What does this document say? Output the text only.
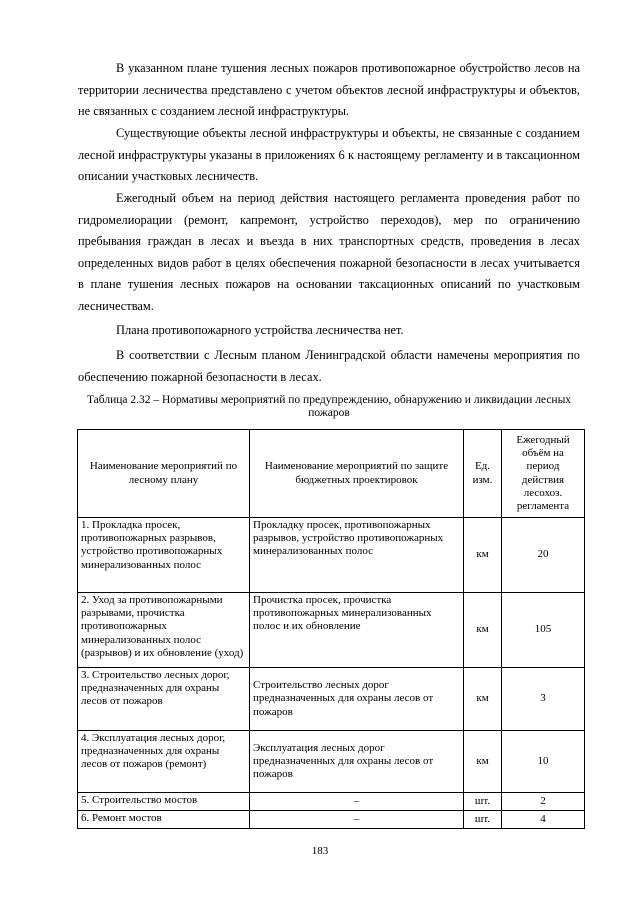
В указанном плане тушения лесных пожаров противопожарное обустройство лесов на территории лесничества представлено с учетом объектов лесной инфраструктуры и объектов, не связанных с созданием лесной инфраструктуры.

Существующие объекты лесной инфраструктуры и объекты, не связанные с созданием лесной инфраструктуры указаны в приложениях 6 к настоящему регламенту и в таксационном описании участковых лесничеств.

Ежегодный объем на период действия настоящего регламента проведения работ по гидромелиорации (ремонт, капремонт, устройство переходов), мер по ограничению пребывания граждан в лесах и въезда в них транспортных средств, проведения в лесах определенных видов работ в целях обеспечения пожарной безопасности в лесах учитывается в плане тушения лесных пожаров на основании таксационных описаний по участковым лесничествам.

Плана противопожарного устройства лесничества нет.

В соответствии с Лесным планом Ленинградской области намечены мероприятия по обеспечению пожарной безопасности в лесах.

Таблица 2.32 – Нормативы мероприятий по предупреждению, обнаружению и ликвидации лесных пожаров

Наименование мероприятий по лесному плану	Наименование мероприятий по защите бюджетных проектировок	Ед. изм.	Ежегодный объём на период действия лесохоз. регламента
1. Прокладка просек, противопожарных разрывов, устройство противопожарных минерализованных полос	Прокладку просек, противопожарных разрывов, устройство противопожарных минерализованных полос	км	20
2. Уход за противопожарными разрывами, прочистка противопожарных минерализованных полос (разрывов) и их обновление (уход)	Прочистка просек, прочистка противопожарных минерализованных полос и их обновление	км	105
3. Строительство лесных дорог, предназначенных для охраны лесов от пожаров	Строительство лесных дорог предназначенных для охраны лесов от пожаров	км	3
4. Эксплуатация лесных дорог, предназначенных для охраны лесов от пожаров (ремонт)	Эксплуатация лесных дорог предназначенных для охраны лесов от пожаров	км	10
5. Строительство мостов	–	шт.	2
6. Ремонт мостов	–	шт.	4
183
